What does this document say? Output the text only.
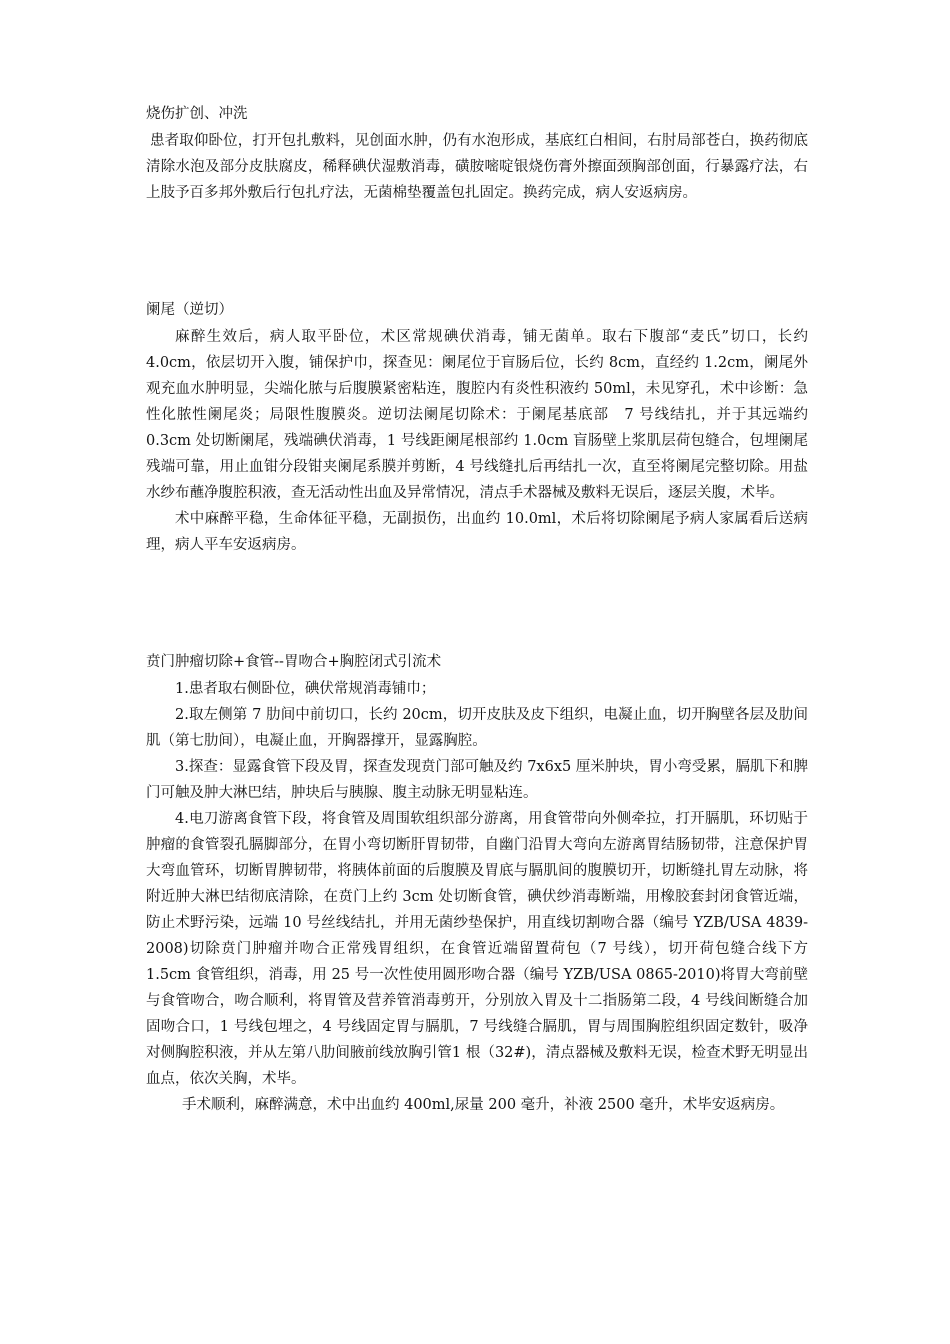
烧伤扩创、冲洗

患者取仰卧位，打开包扎敷料，见创面水肿，仍有水泡形成，基底红白相间，右肘局部苍白，换药彻底清除水泡及部分皮肤腐皮，稀释碘伏湿敷消毒，磺胺嘧啶银烧伤膏外擦面颈胸部创面，行暴露疗法，右上肢予百多邦外敷后行包扎疗法，无菌棉垫覆盖包扎固定。换药完成，病人安返病房。

阑尾（逆切）

麻醉生效后，病人取平卧位，术区常规碘伏消毒，铺无菌单。取右下腹部“麦氏”切口，长约 4.0cm，依层切开入腹，铺保护巾，探查见：阑尾位于盲肠后位，长约 8cm，直经约 1.2cm，阑尾外观充血水肿明显，尖端化脓与后腹膜紧密粘连，腹腔内有炎性积液约 50ml，未见穿孔，术中诊断：急性化脓性阑尾炎；局限性腹膜炎。逆切法阑尾切除术：于阑尾基底部　7 号线结扎，并于其远端约 0.3cm 处切断阑尾，残端碘伏消毒，1 号线距阑尾根部约 1.0cm 盲肠壁上浆肌层荷包缝合，包埋阑尾残端可靠，用止血钳分段钳夹阑尾系膜并剪断，4 号线缝扎后再结扎一次，直至将阑尾完整切除。用盐水纱布蘸净腹腔积液，查无活动性出血及异常情况，清点手术器械及敷料无误后，逐层关腹，术毕。

术中麻醉平稳，生命体征平稳，无副损伤，出血约 10.0ml，术后将切除阑尾予病人家属看后送病理，病人平车安返病房。

贲门肿瘤切除+食管--胃吻合+胸腔闭式引流术

1.患者取右侧卧位，碘伏常规消毒铺巾；

2.取左侧第 7 肋间中前切口，长约 20cm，切开皮肤及皮下组织，电凝止血，切开胸壁各层及肋间肌（第七肋间），电凝止血，开胸器撑开，显露胸腔。

3.探查：显露食管下段及胃，探查发现贲门部可触及约 7x6x5 厘米肿块，胃小弯受累，膈肌下和脾门可触及肿大淋巴结，肿块后与胰腺、腹主动脉无明显粘连。

4.电刀游离食管下段，将食管及周围软组织部分游离，用食管带向外侧牵拉，打开膈肌，环切贴于肿瘤的食管裂孔膈脚部分，在胃小弯切断肝胃韧带，自幽门沿胃大弯向左游离胃结肠韧带，注意保护胃大弯血管环，切断胃脾韧带，将胰体前面的后腹膜及胃底与膈肌间的腹膜切开，切断缝扎胃左动脉，将附近肿大淋巴结彻底清除，在贲门上约 3cm 处切断食管，碘伏纱消毒断端，用橡胶套封闭食管近端，防止术野污染，远端 10 号丝线结扎，并用无菌纱垫保护，用直线切割吻合器（编号 YZB/USA 4839-2008)切除贲门肿瘤并吻合正常残胃组织，在食管近端留置荷包（7 号线），切开荷包缝合线下方 1.5cm 食管组织，消毒，用 25 号一次性使用圆形吻合器（编号 YZB/USA 0865-2010)将胃大弯前壁与食管吻合，吻合顺利，将胃管及营养管消毒剪开，分别放入胃及十二指肠第二段，4 号线间断缝合加固吻合口，1 号线包埋之，4 号线固定胃与膈肌，7 号线缝合膈肌，胃与周围胸腔组织固定数针，吸净对侧胸腔积液，并从左第八肋间腋前线放胸引管1 根（32#)，清点器械及敷料无误，检查术野无明显出血点，依次关胸，术毕。

手术顺利，麻醉满意，术中出血约 400ml,尿量 200 毫升，补液 2500 毫升，术毕安返病房。
